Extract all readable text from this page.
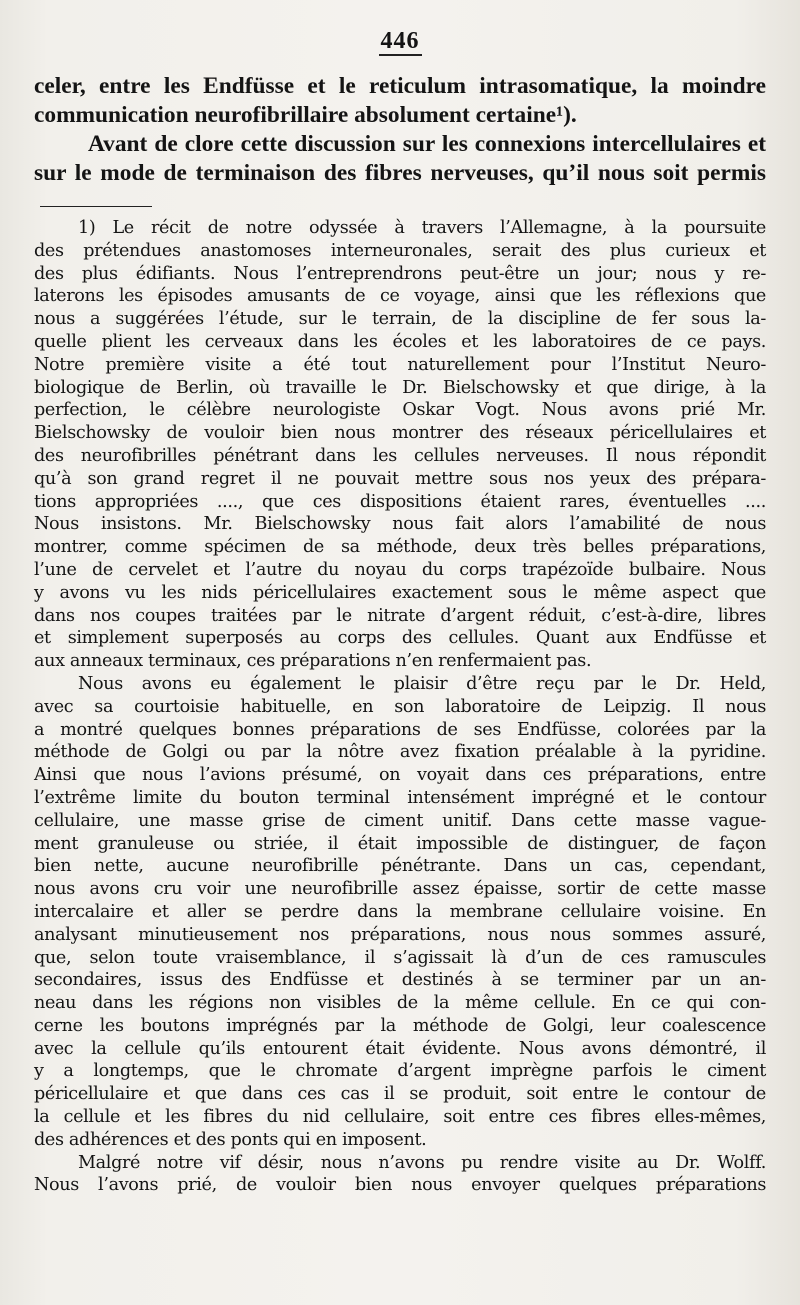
446
celer, entre les Endfüsse et le reticulum intrasomatique, la moindre
communication neurofibrillaire absolument certaine¹).
Avant de clore cette discussion sur les connexions intercellulaires et
sur le mode de terminaison des fibres nerveuses, qu’il nous soit permis
1) Le récit de notre odyssée à travers l’Allemagne, à la poursuite
des prétendues anastomoses interneuronales, serait des plus curieux et
des plus édifiants. Nous l’entreprendrons peut-être un jour; nous y re-
laterons les épisodes amusants de ce voyage, ainsi que les réflexions que
nous a suggérées l’étude, sur le terrain, de la discipline de fer sous la-
quelle plient les cerveaux dans les écoles et les laboratoires de ce pays.
Notre première visite a été tout naturellement pour l’Institut Neuro-
biologique de Berlin, où travaille le Dr. Bielschowsky et que dirige, à la
perfection, le célèbre neurologiste Oskar Vogt. Nous avons prié Mr.
Bielschowsky de vouloir bien nous montrer des réseaux péricellulaires et
des neurofibrilles pénétrant dans les cellules nerveuses. Il nous répondit
qu’à son grand regret il ne pouvait mettre sous nos yeux des prépara-
tions appropriées ...., que ces dispositions étaient rares, éventuelles ....
Nous insistons. Mr. Bielschowsky nous fait alors l’amabilité de nous
montrer, comme spécimen de sa méthode, deux très belles préparations,
l’une de cervelet et l’autre du noyau du corps trapézoïde bulbaire. Nous
y avons vu les nids péricellulaires exactement sous le même aspect que
dans nos coupes traitées par le nitrate d’argent réduit, c’est-à-dire, libres
et simplement superposés au corps des cellules. Quant aux Endfüsse et
aux anneaux terminaux, ces préparations n’en renfermaient pas.
Nous avons eu également le plaisir d’être reçu par le Dr. Held,
avec sa courtoisie habituelle, en son laboratoire de Leipzig. Il nous
a montré quelques bonnes préparations de ses Endfüsse, colorées par la
méthode de Golgi ou par la nôtre avez fixation préalable à la pyridine.
Ainsi que nous l’avions présumé, on voyait dans ces préparations, entre
l’extrême limite du bouton terminal intensément imprégné et le contour
cellulaire, une masse grise de ciment unitif. Dans cette masse vague-
ment granuleuse ou striée, il était impossible de distinguer, de façon
bien nette, aucune neurofibrille pénétrante. Dans un cas, cependant,
nous avons cru voir une neurofibrille assez épaisse, sortir de cette masse
intercalaire et aller se perdre dans la membrane cellulaire voisine. En
analysant minutieusement nos préparations, nous nous sommes assuré,
que, selon toute vraisemblance, il s’agissait là d’un de ces ramuscules
secondaires, issus des Endfüsse et destinés à se terminer par un an-
neau dans les régions non visibles de la même cellule. En ce qui con-
cerne les boutons imprégnés par la méthode de Golgi, leur coalescence
avec la cellule qu’ils entourent était évidente. Nous avons démontré, il
y a longtemps, que le chromate d’argent imprègne parfois le ciment
péricellulaire et que dans ces cas il se produit, soit entre le contour de
la cellule et les fibres du nid cellulaire, soit entre ces fibres elles-mêmes,
des adhérences et des ponts qui en imposent.
Malgré notre vif désir, nous n’avons pu rendre visite au Dr. Wolff.
Nous l’avons prié, de vouloir bien nous envoyer quelques préparations
